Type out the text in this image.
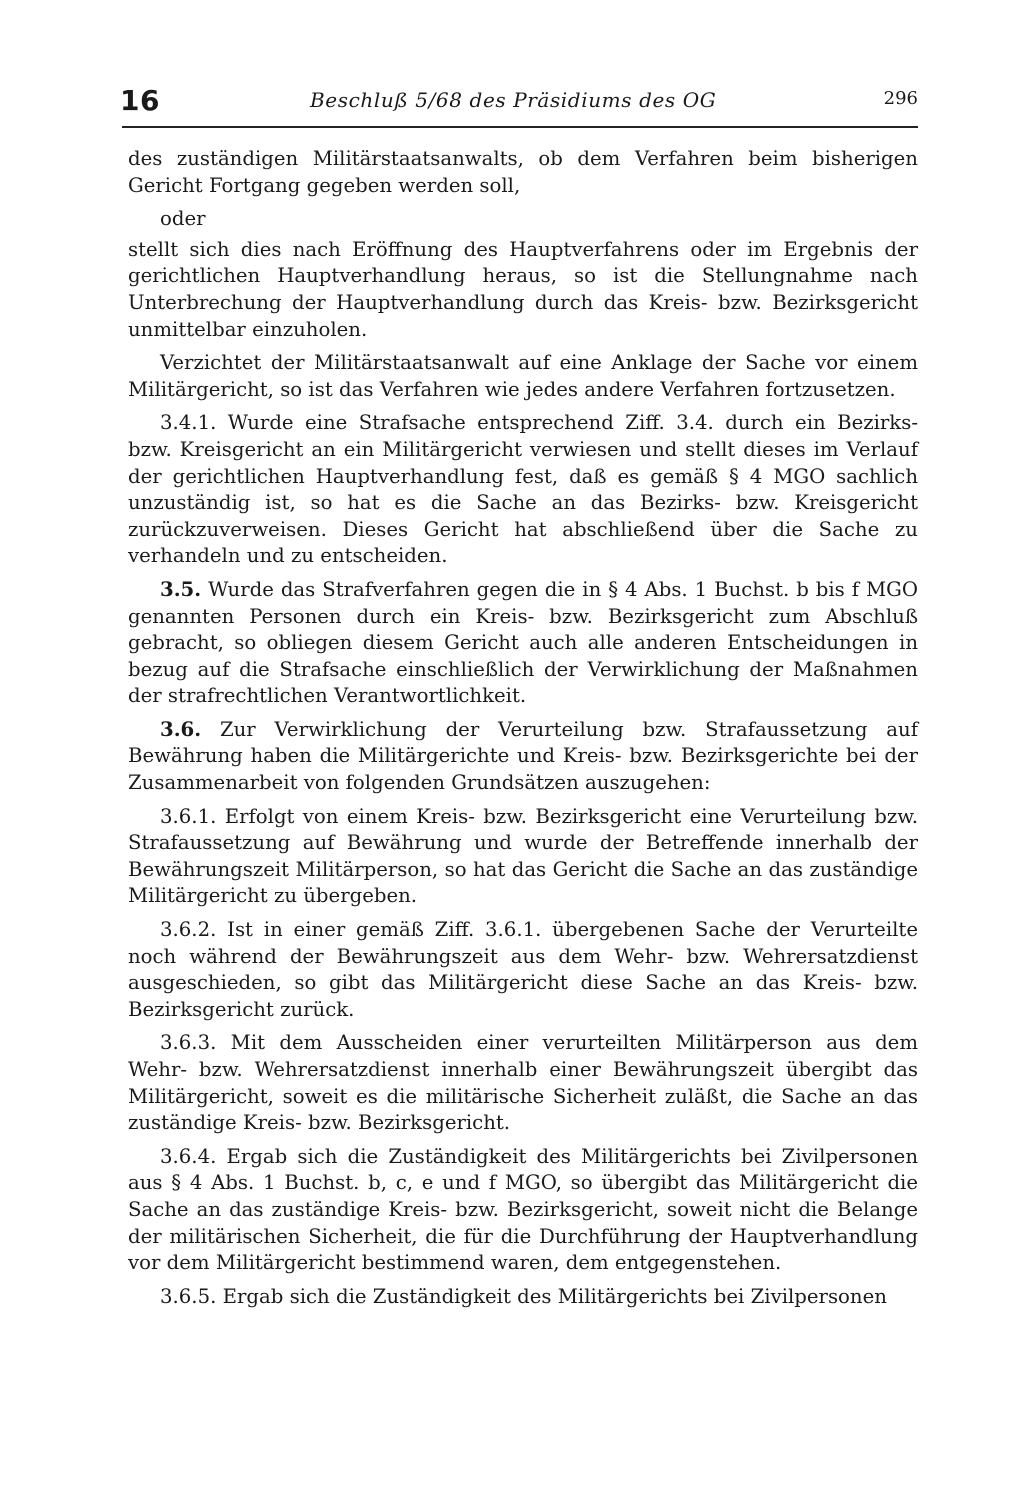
16	Beschluß 5/68 des Präsidiums des OG	296

des zuständigen Militärstaatsanwalts, ob dem Verfahren beim bisherigen Gericht Fortgang gegeben werden soll,

oder

stellt sich dies nach Eröffnung des Hauptverfahrens oder im Ergebnis der gerichtlichen Hauptverhandlung heraus, so ist die Stellungnahme nach Unterbrechung der Hauptverhandlung durch das Kreis- bzw. Bezirksgericht unmittelbar einzuholen.

Verzichtet der Militärstaatsanwalt auf eine Anklage der Sache vor einem Militärgericht, so ist das Verfahren wie jedes andere Verfahren fortzusetzen.

3.4.1. Wurde eine Strafsache entsprechend Ziff. 3.4. durch ein Bezirks- bzw. Kreisgericht an ein Militärgericht verwiesen und stellt dieses im Verlauf der gerichtlichen Hauptverhandlung fest, daß es gemäß § 4 MGO sachlich unzuständig ist, so hat es die Sache an das Bezirks- bzw. Kreisgericht zurückzuverweisen. Dieses Gericht hat abschließend über die Sache zu verhandeln und zu entscheiden.

3.5. Wurde das Strafverfahren gegen die in § 4 Abs. 1 Buchst. b bis f MGO genannten Personen durch ein Kreis- bzw. Bezirksgericht zum Abschluß gebracht, so obliegen diesem Gericht auch alle anderen Entscheidungen in bezug auf die Strafsache einschließlich der Verwirklichung der Maßnahmen der strafrechtlichen Verantwortlichkeit.

3.6. Zur Verwirklichung der Verurteilung bzw. Strafaussetzung auf Bewährung haben die Militärgerichte und Kreis- bzw. Bezirksgerichte bei der Zusammenarbeit von folgenden Grundsätzen auszugehen:

3.6.1. Erfolgt von einem Kreis- bzw. Bezirksgericht eine Verurteilung bzw. Strafaussetzung auf Bewährung und wurde der Betreffende innerhalb der Bewährungszeit Militärperson, so hat das Gericht die Sache an das zuständige Militärgericht zu übergeben.

3.6.2. Ist in einer gemäß Ziff. 3.6.1. übergebenen Sache der Verurteilte noch während der Bewährungszeit aus dem Wehr- bzw. Wehrersatzdienst ausgeschieden, so gibt das Militärgericht diese Sache an das Kreis- bzw. Bezirksgericht zurück.

3.6.3. Mit dem Ausscheiden einer verurteilten Militärperson aus dem Wehr- bzw. Wehrersatzdienst innerhalb einer Bewährungszeit übergibt das Militärgericht, soweit es die militärische Sicherheit zuläßt, die Sache an das zuständige Kreis- bzw. Bezirksgericht.

3.6.4. Ergab sich die Zuständigkeit des Militärgerichts bei Zivilpersonen aus § 4 Abs. 1 Buchst. b, c, e und f MGO, so übergibt das Militärgericht die Sache an das zuständige Kreis- bzw. Bezirksgericht, soweit nicht die Belange der militärischen Sicherheit, die für die Durchführung der Hauptverhandlung vor dem Militärgericht bestimmend waren, dem entgegenstehen.

3.6.5. Ergab sich die Zuständigkeit des Militärgerichts bei Zivilpersonen
